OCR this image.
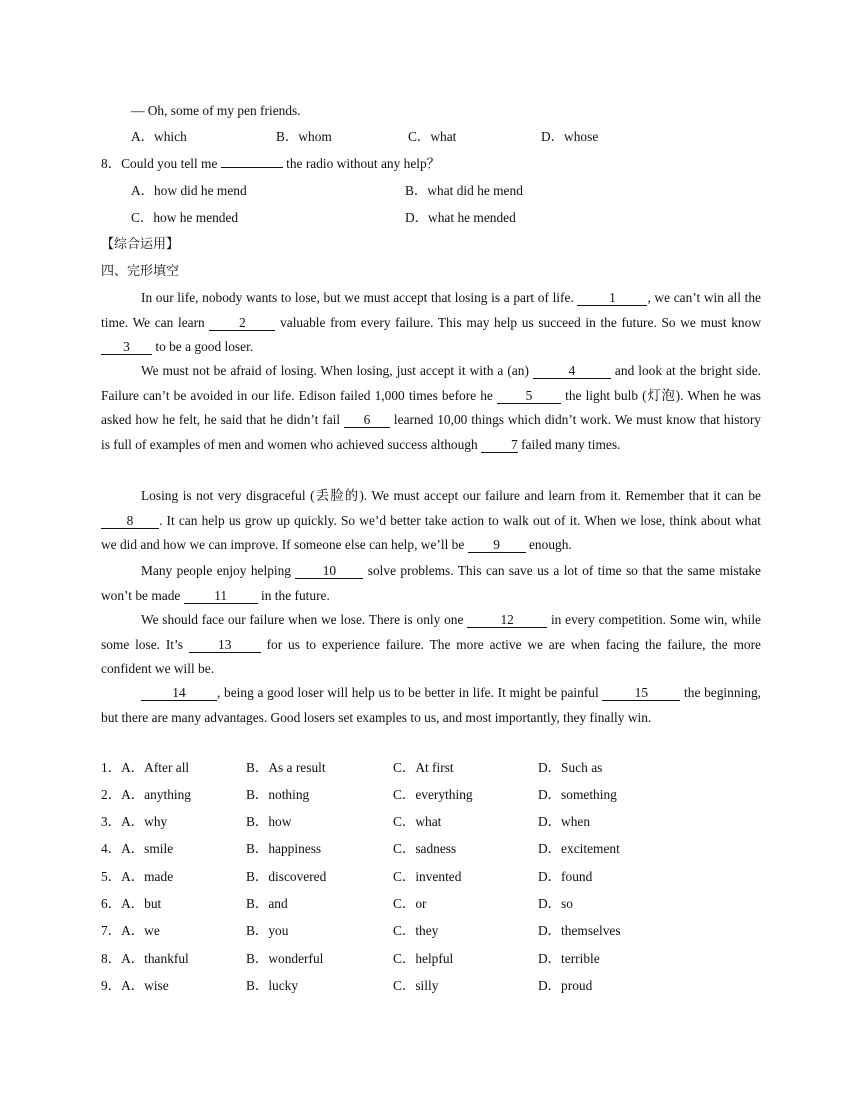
— Oh, some of my pen friends.
A．which	B．whom	C．what	D．whose
8．Could you tell me	the radio without any help？
A．how did he mend	B．what did he mend
C．how he mended	D．what he mended
【综合运用】
四、完形填空
In our life, nobody wants to lose, but we must accept that losing is a part of life. 1 , we can’t win all the time. We can learn 2 valuable from every failure. This may help us succeed in the future. So we must know 3 to be a good loser.
We must not be afraid of losing. When losing, just accept it with a (an)	4	and look at the bright side. Failure can’t be avoided in our life. Edison failed 1,000 times before he 5 the light bulb (灯泡). When he was asked how he felt, he said that he didn’t fail 6 learned 10,00 things which didn’t work. We must know that history is full of examples of men and women who achieved success although 7 failed many times.
Losing is not very disgraceful (丢脸的). We must accept our failure and learn from it. Remember that it can be 8 . It can help us grow up quickly. So we’d better take action to walk out of it. When we lose, think about what we did and how we can improve. If someone else can help, we’ll be 9 enough.
Many people enjoy helping 10 solve problems. This can save us a lot of time so that the same mistake won’t be made 11 in the future.
We should face our failure when we lose. There is only one 12 in every competition. Some win, while some lose. It’s 13 for us to experience failure. The more active we are when facing the failure, the more confident we will be.
14 , being a good loser will help us to be better in life. It might be painful 15 the beginning, but there are many advantages. Good losers set examples to us, and most importantly, they finally win.
1．A．After all	B．As a result	C．At first	D．Such as
2．A．anything	B．nothing	C．everything	D．something
3．A．why	B．how	C．what	D．when
4．A．smile	B．happiness	C．sadness	D．excitement
5．A．made	B．discovered	C．invented	D．found
6．A．but	B．and	C．or	D．so
7．A．we	B．you	C．they	D．themselves
8．A．thankful	B．wonderful	C．helpful	D．terrible
9．A．wise	B．lucky	C．silly	D．proud
